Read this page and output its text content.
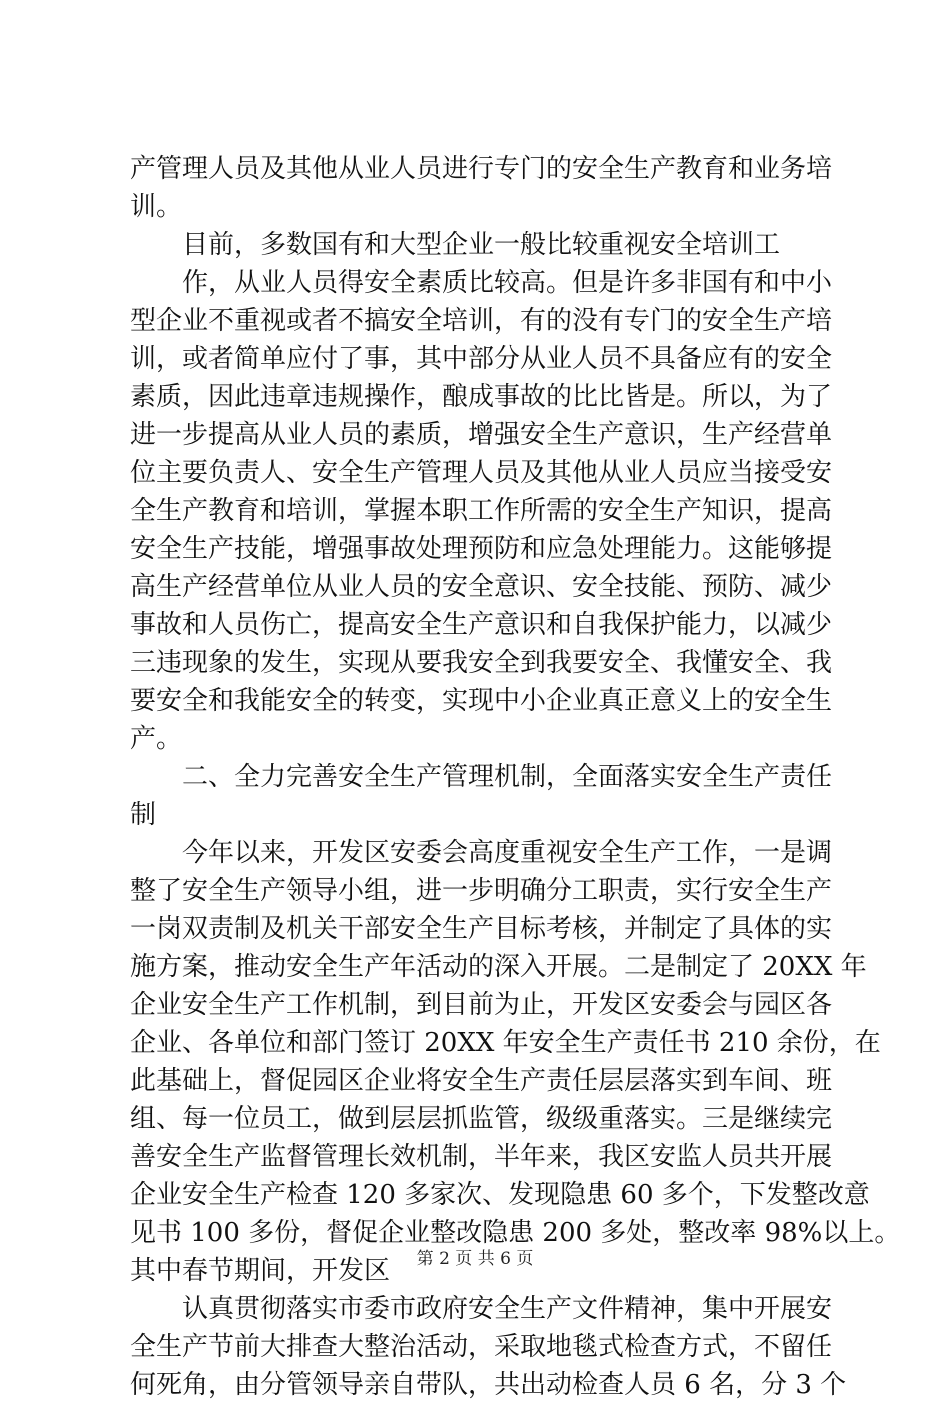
产管理人员及其他从业人员进行专门的安全生产教育和业务培
训。
目前，多数国有和大型企业一般比较重视安全培训工
作，从业人员得安全素质比较高。但是许多非国有和中小
型企业不重视或者不搞安全培训，有的没有专门的安全生产培
训，或者简单应付了事，其中部分从业人员不具备应有的安全
素质，因此违章违规操作，酿成事故的比比皆是。所以，为了
进一步提高从业人员的素质，增强安全生产意识，生产经营单
位主要负责人、安全生产管理人员及其他从业人员应当接受安
全生产教育和培训，掌握本职工作所需的安全生产知识，提高
安全生产技能，增强事故处理预防和应急处理能力。这能够提
高生产经营单位从业人员的安全意识、安全技能、预防、减少
事故和人员伤亡，提高安全生产意识和自我保护能力，以减少
三违现象的发生，实现从要我安全到我要安全、我懂安全、我
要安全和我能安全的转变，实现中小企业真正意义上的安全生
产。
二、全力完善安全生产管理机制，全面落实安全生产责任
制
今年以来，开发区安委会高度重视安全生产工作，一是调
整了安全生产领导小组，进一步明确分工职责，实行安全生产
一岗双责制及机关干部安全生产目标考核，并制定了具体的实
施方案，推动安全生产年活动的深入开展。二是制定了 20XX 年
企业安全生产工作机制，到目前为止，开发区安委会与园区各
企业、各单位和部门签订 20XX 年安全生产责任书 210 余份，在
此基础上，督促园区企业将安全生产责任层层落实到车间、班
组、每一位员工，做到层层抓监管，级级重落实。三是继续完
善安全生产监督管理长效机制，半年来，我区安监人员共开展
企业安全生产检查 120 多家次、发现隐患 60 多个，下发整改意
见书 100 多份，督促企业整改隐患 200 多处，整改率 98%以上。
其中春节期间，开发区
认真贯彻落实市委市政府安全生产文件精神，集中开展安
全生产节前大排查大整治活动，采取地毯式检查方式，不留任
何死角，由分管领导亲自带队，共出动检查人员 6 名，分 3 个
第 2 页 共 6 页
